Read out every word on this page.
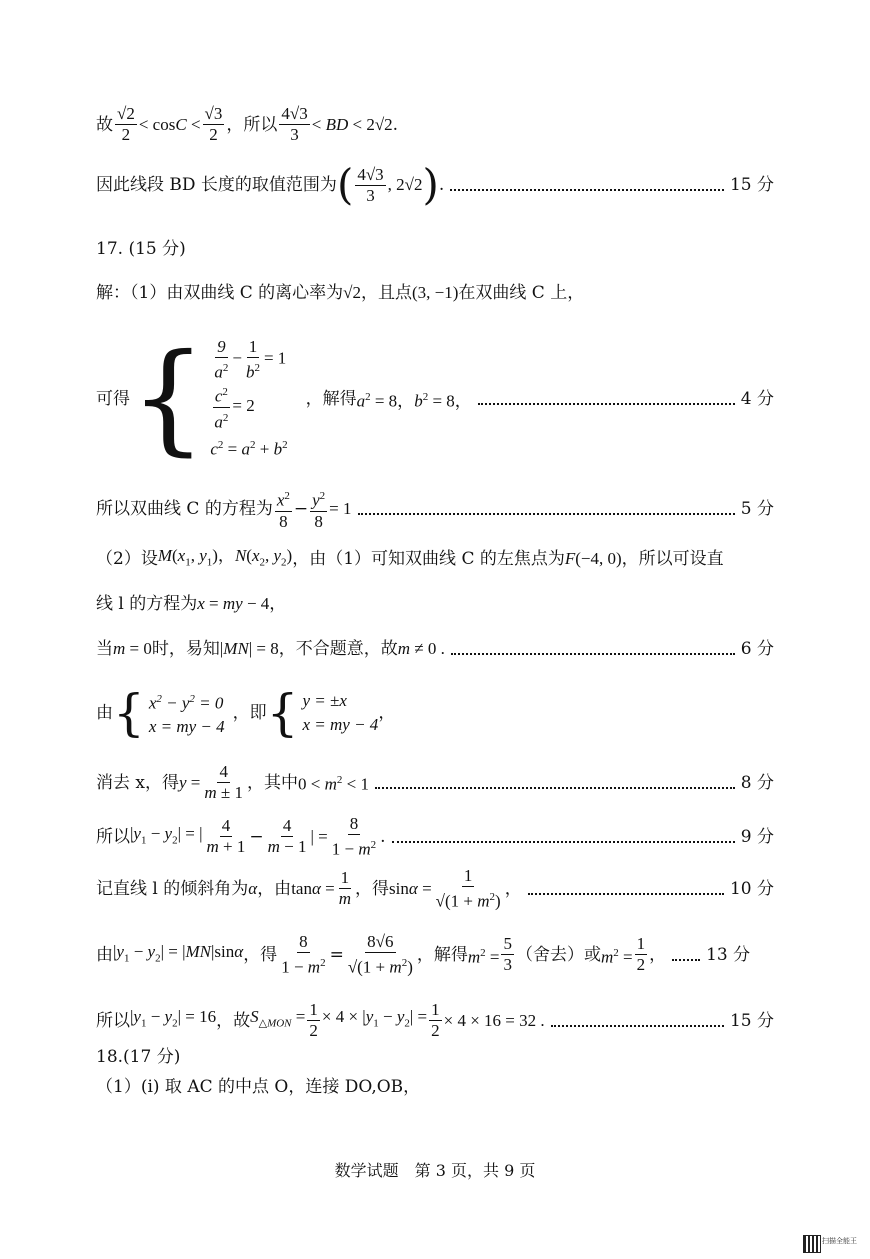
故 $\frac{√2}{2} < \cos C < \frac{√3}{2}$ ， 所以 $\frac{4√3}{3}$ < BD < 2√2 .
因此线段 BD 长度的取值范围为 ( $\frac{4√3}{3}$ , 2√2 ) .	15 分
17. (15 分)
解：（1）由双曲线 C 的离心率为 √2 ，且点 (3, −1) 在双曲线 C 上，
可得 { $\frac{9}{a^2} - \frac{1}{b^2} = 1$
$\frac{c^2}{a^2} = 2$
$c^2 = a^2 + b^2$
，解得 $a^2 = 8$，$b^2 = 8$，	4 分
所以双曲线 C 的方程为 $\frac{x^2}{8} - \frac{y^2}{8} = 1$	5 分
（2）设 $M(x_1$, $y_1$)，$N(x_2$, $y_2$) ，由（1）可知双曲线 C 的左焦点为 F(−4, 0) ，所以可设直
线 l 的方程为 x = my − 4，
当 m = 0 时，易知 |MN| = 8 ，不合题意，故 m ≠ 0 .	6 分
由 { $x^2 - y^2 = 0$
x = my − 4
，即 { y = ±x
x = my − 4
，
消去 x，得 $y = \frac{4}{m \pm 1}$ ，其中 $0 < m^2 < 1$	8 分
所以 $|y_1 - y_2|$ = | $\frac{4}{m + 1} - \frac{4}{m - 1}$ | = $\frac{8}{1 - m^2}$ .	9 分
记直线 l 的倾斜角为 α ，由 $\tan\alpha = \frac{1}{m}$ ，得 $\sin\alpha = \frac{1}{√(1 + m^2)}$ ，	10 分
由 $|y_1 - y_2| = |MN|\sin\alpha$ ，得 $\frac{8}{1 - m^2} = \frac{8√6}{√(1 + m^2)}$ ，解得 $m^2 = \frac{5}{3}$ （舍去）或 $m^2 = \frac{1}{2}$ ， 13 分
所以 $|y_1 - y_2| = 16$ ，故 $S_{\triangle MON} = \frac{1}{2} \times 4 \times |y_1 - y_2| = \frac{1}{2} \times 4 \times 16 = 32$ .	15 分
18.(17 分)
（1）(ⅰ) 取 AC 的中点 O，连接 DO,OB，
数学试题　第 3 页，共 9 页
扫描全能王
